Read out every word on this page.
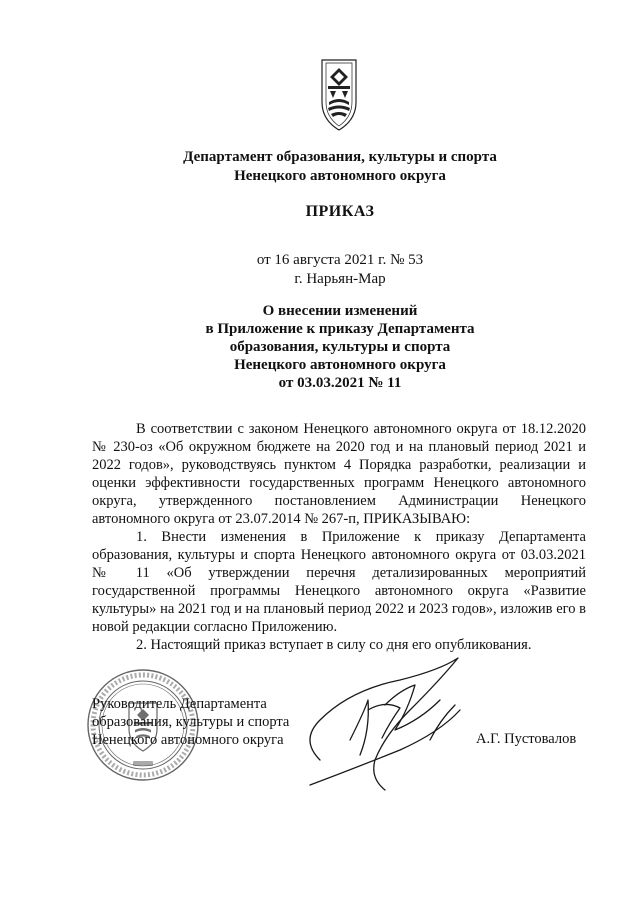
Департамент образования, культуры и спорта
Ненецкого автономного округа
ПРИКАЗ
от 16 августа 2021 г. № 53
г. Нарьян-Мар
О внесении изменений
в Приложение к приказу Департамента
образования, культуры и спорта
Ненецкого автономного округа
от 03.03.2021 № 11

В соответствии с законом Ненецкого автономного округа от 18.12.2020 № 230-оз «Об окружном бюджете на 2020 год и на плановый период 2021 и 2022 годов», руководствуясь пунктом 4 Порядка разработки, реализации и оценки эффективности государственных программ Ненецкого автономного округа, утвержденного постановлением Администрации Ненецкого автономного округа от 23.07.2014 № 267-п, ПРИКАЗЫВАЮ:

1. Внести изменения в Приложение к приказу Департамента образования, культуры и спорта Ненецкого автономного округа от 03.03.2021 № 11 «Об утверждении перечня детализированных мероприятий государственной программы Ненецкого автономного округа «Развитие культуры» на 2021 год и на плановый период 2022 и 2023 годов», изложив его в новой редакции согласно Приложению.

2. Настоящий приказ вступает в силу со дня его опубликования.

Руководитель Департамента
образования, культуры и спорта
Ненецкого автономного округа	А.Г. Пустовалов
